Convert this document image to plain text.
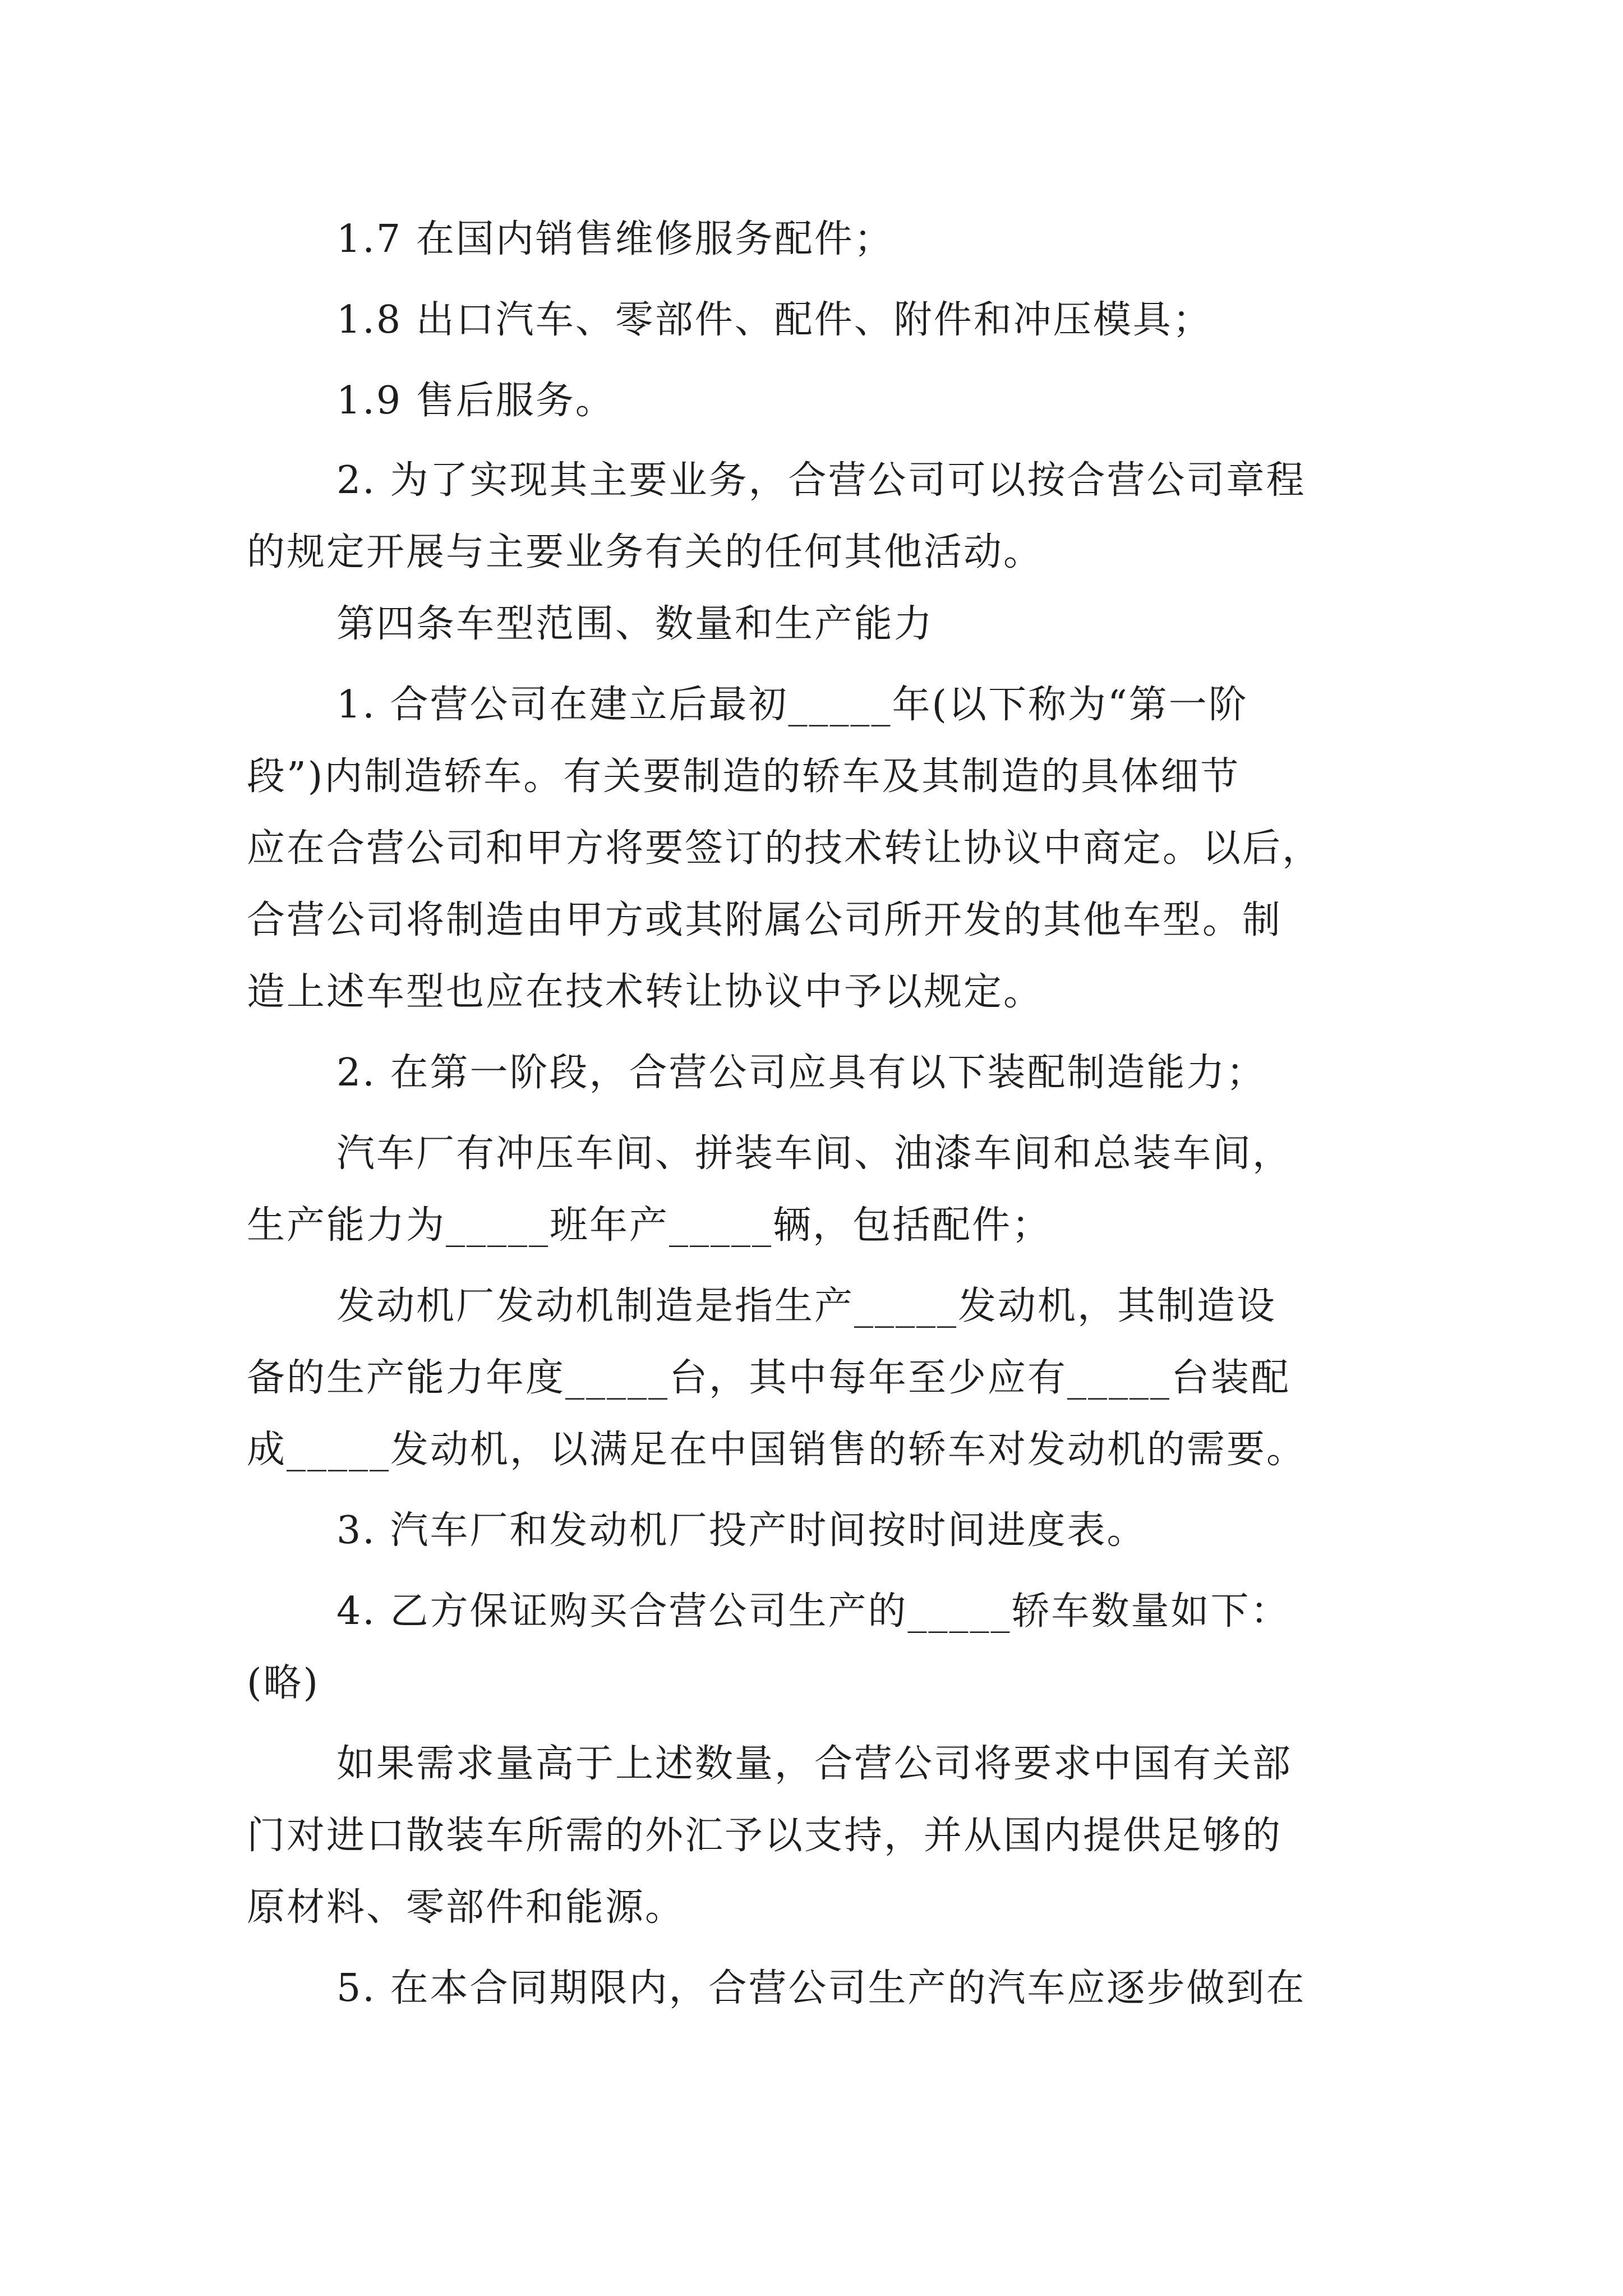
1.7 在国内销售维修服务配件；
1.8 出口汽车、零部件、配件、附件和冲压模具；
1.9 售后服务。
2. 为了实现其主要业务，合营公司可以按合营公司章程
的规定开展与主要业务有关的任何其他活动。
第四条车型范围、数量和生产能力
1. 合营公司在建立后最初_____年(以下称为“第一阶
段”)内制造轿车。有关要制造的轿车及其制造的具体细节
应在合营公司和甲方将要签订的技术转让协议中商定。以后，
合营公司将制造由甲方或其附属公司所开发的其他车型。制
造上述车型也应在技术转让协议中予以规定。
2. 在第一阶段，合营公司应具有以下装配制造能力；
汽车厂有冲压车间、拼装车间、油漆车间和总装车间，
生产能力为_____班年产_____辆，包括配件；
发动机厂发动机制造是指生产_____发动机，其制造设
备的生产能力年度_____台，其中每年至少应有_____台装配
成_____发动机，以满足在中国销售的轿车对发动机的需要。
3. 汽车厂和发动机厂投产时间按时间进度表。
4. 乙方保证购买合营公司生产的_____轿车数量如下：
(略)
如果需求量高于上述数量，合营公司将要求中国有关部
门对进口散装车所需的外汇予以支持，并从国内提供足够的
原材料、零部件和能源。
5. 在本合同期限内，合营公司生产的汽车应逐步做到在
